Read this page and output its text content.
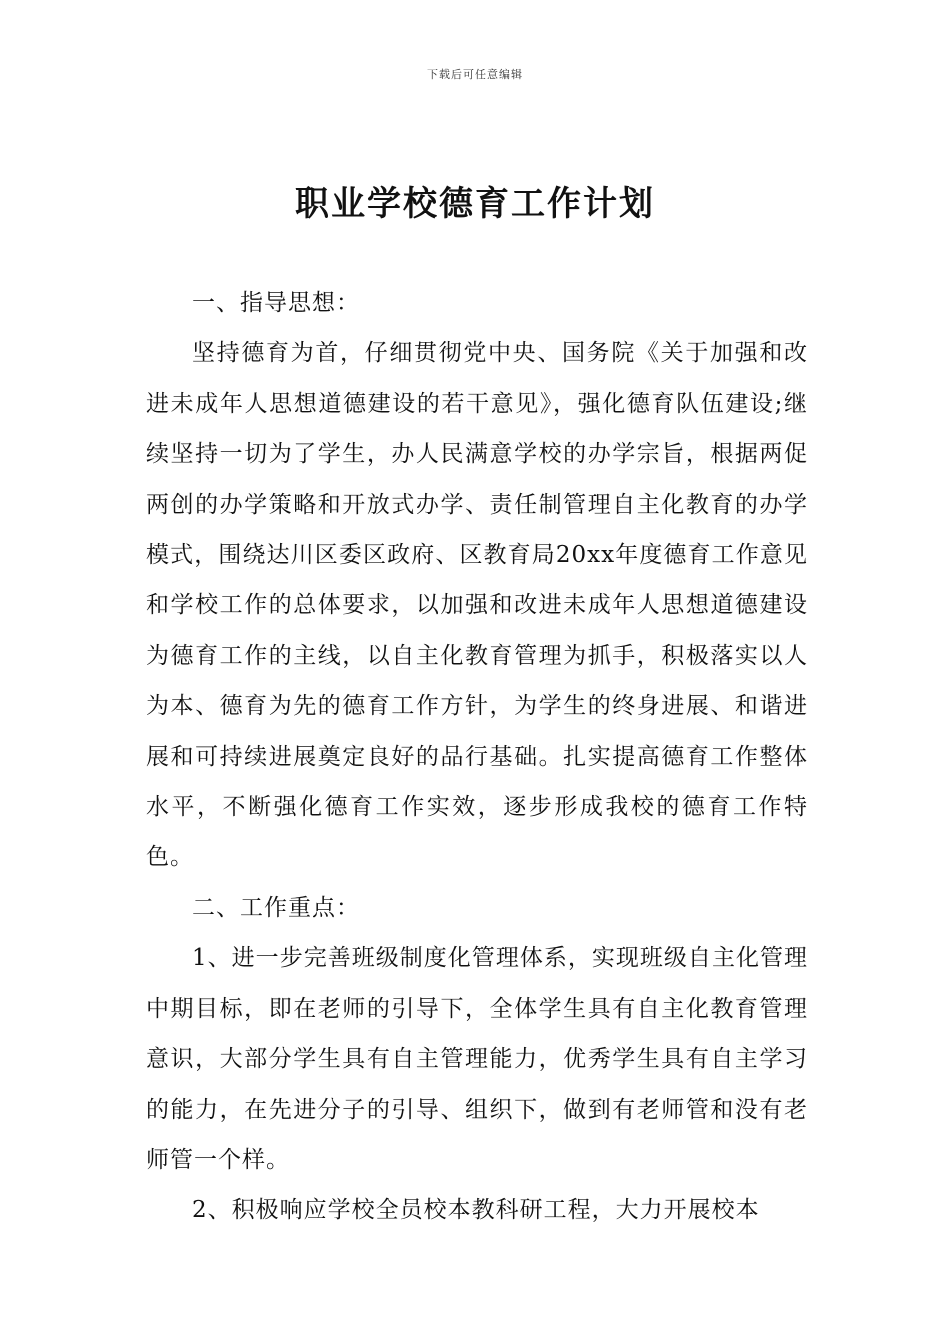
下载后可任意编辑
职业学校德育工作计划

一、指导思想：

坚持德育为首，仔细贯彻党中央、国务院《关于加强和改进未成年人思想道德建设的若干意见》，强化德育队伍建设;继续坚持一切为了学生，办人民满意学校的办学宗旨，根据两促两创的办学策略和开放式办学、责任制管理自主化教育的办学模式，围绕达川区委区政府、区教育局20xx年度德育工作意见和学校工作的总体要求，以加强和改进未成年人思想道德建设为德育工作的主线，以自主化教育管理为抓手，积极落实以人为本、德育为先的德育工作方针，为学生的终身进展、和谐进展和可持续进展奠定良好的品行基础。扎实提高德育工作整体水平，不断强化德育工作实效，逐步形成我校的德育工作特色。

二、工作重点：

1、进一步完善班级制度化管理体系，实现班级自主化管理中期目标，即在老师的引导下，全体学生具有自主化教育管理意识，大部分学生具有自主管理能力，优秀学生具有自主学习的能力，在先进分子的引导、组织下，做到有老师管和没有老师管一个样。

2、积极响应学校全员校本教科研工程，大力开展校本
